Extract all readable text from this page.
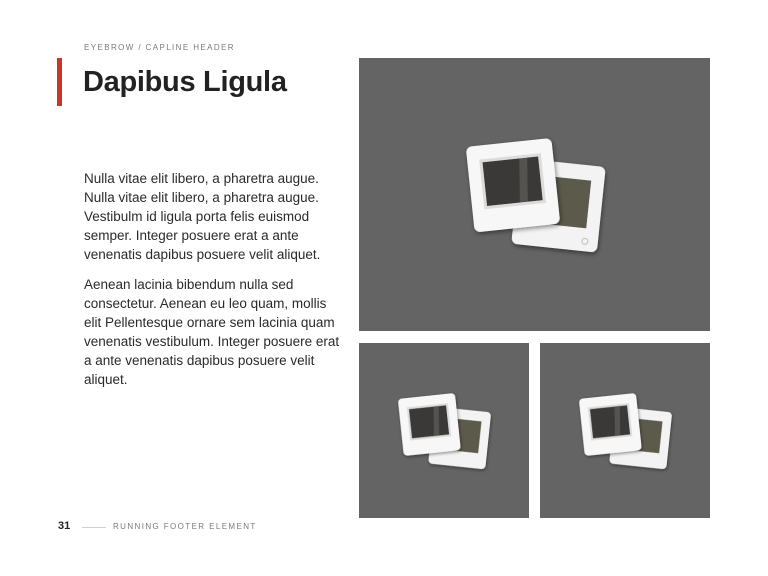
EYEBROW / CAPLINE HEADER
Dapibus Ligula

Nulla vitae elit libero, a pharetra augue. Nulla vitae elit libero, a pharetra augue. Vestibulm id ligula porta felis euismod semper. Integer posuere erat a ante venenatis dapibus posuere velit aliquet.

Aenean lacinia bibendum nulla sed consectetur. Aenean eu leo quam, mollis elit Pellentesque ornare sem lacinia quam venenatis vestibulum. Integer posuere erat a ante venenatis dapibus posuere velit aliquet.

31	RUNNING FOOTER ELEMENT
